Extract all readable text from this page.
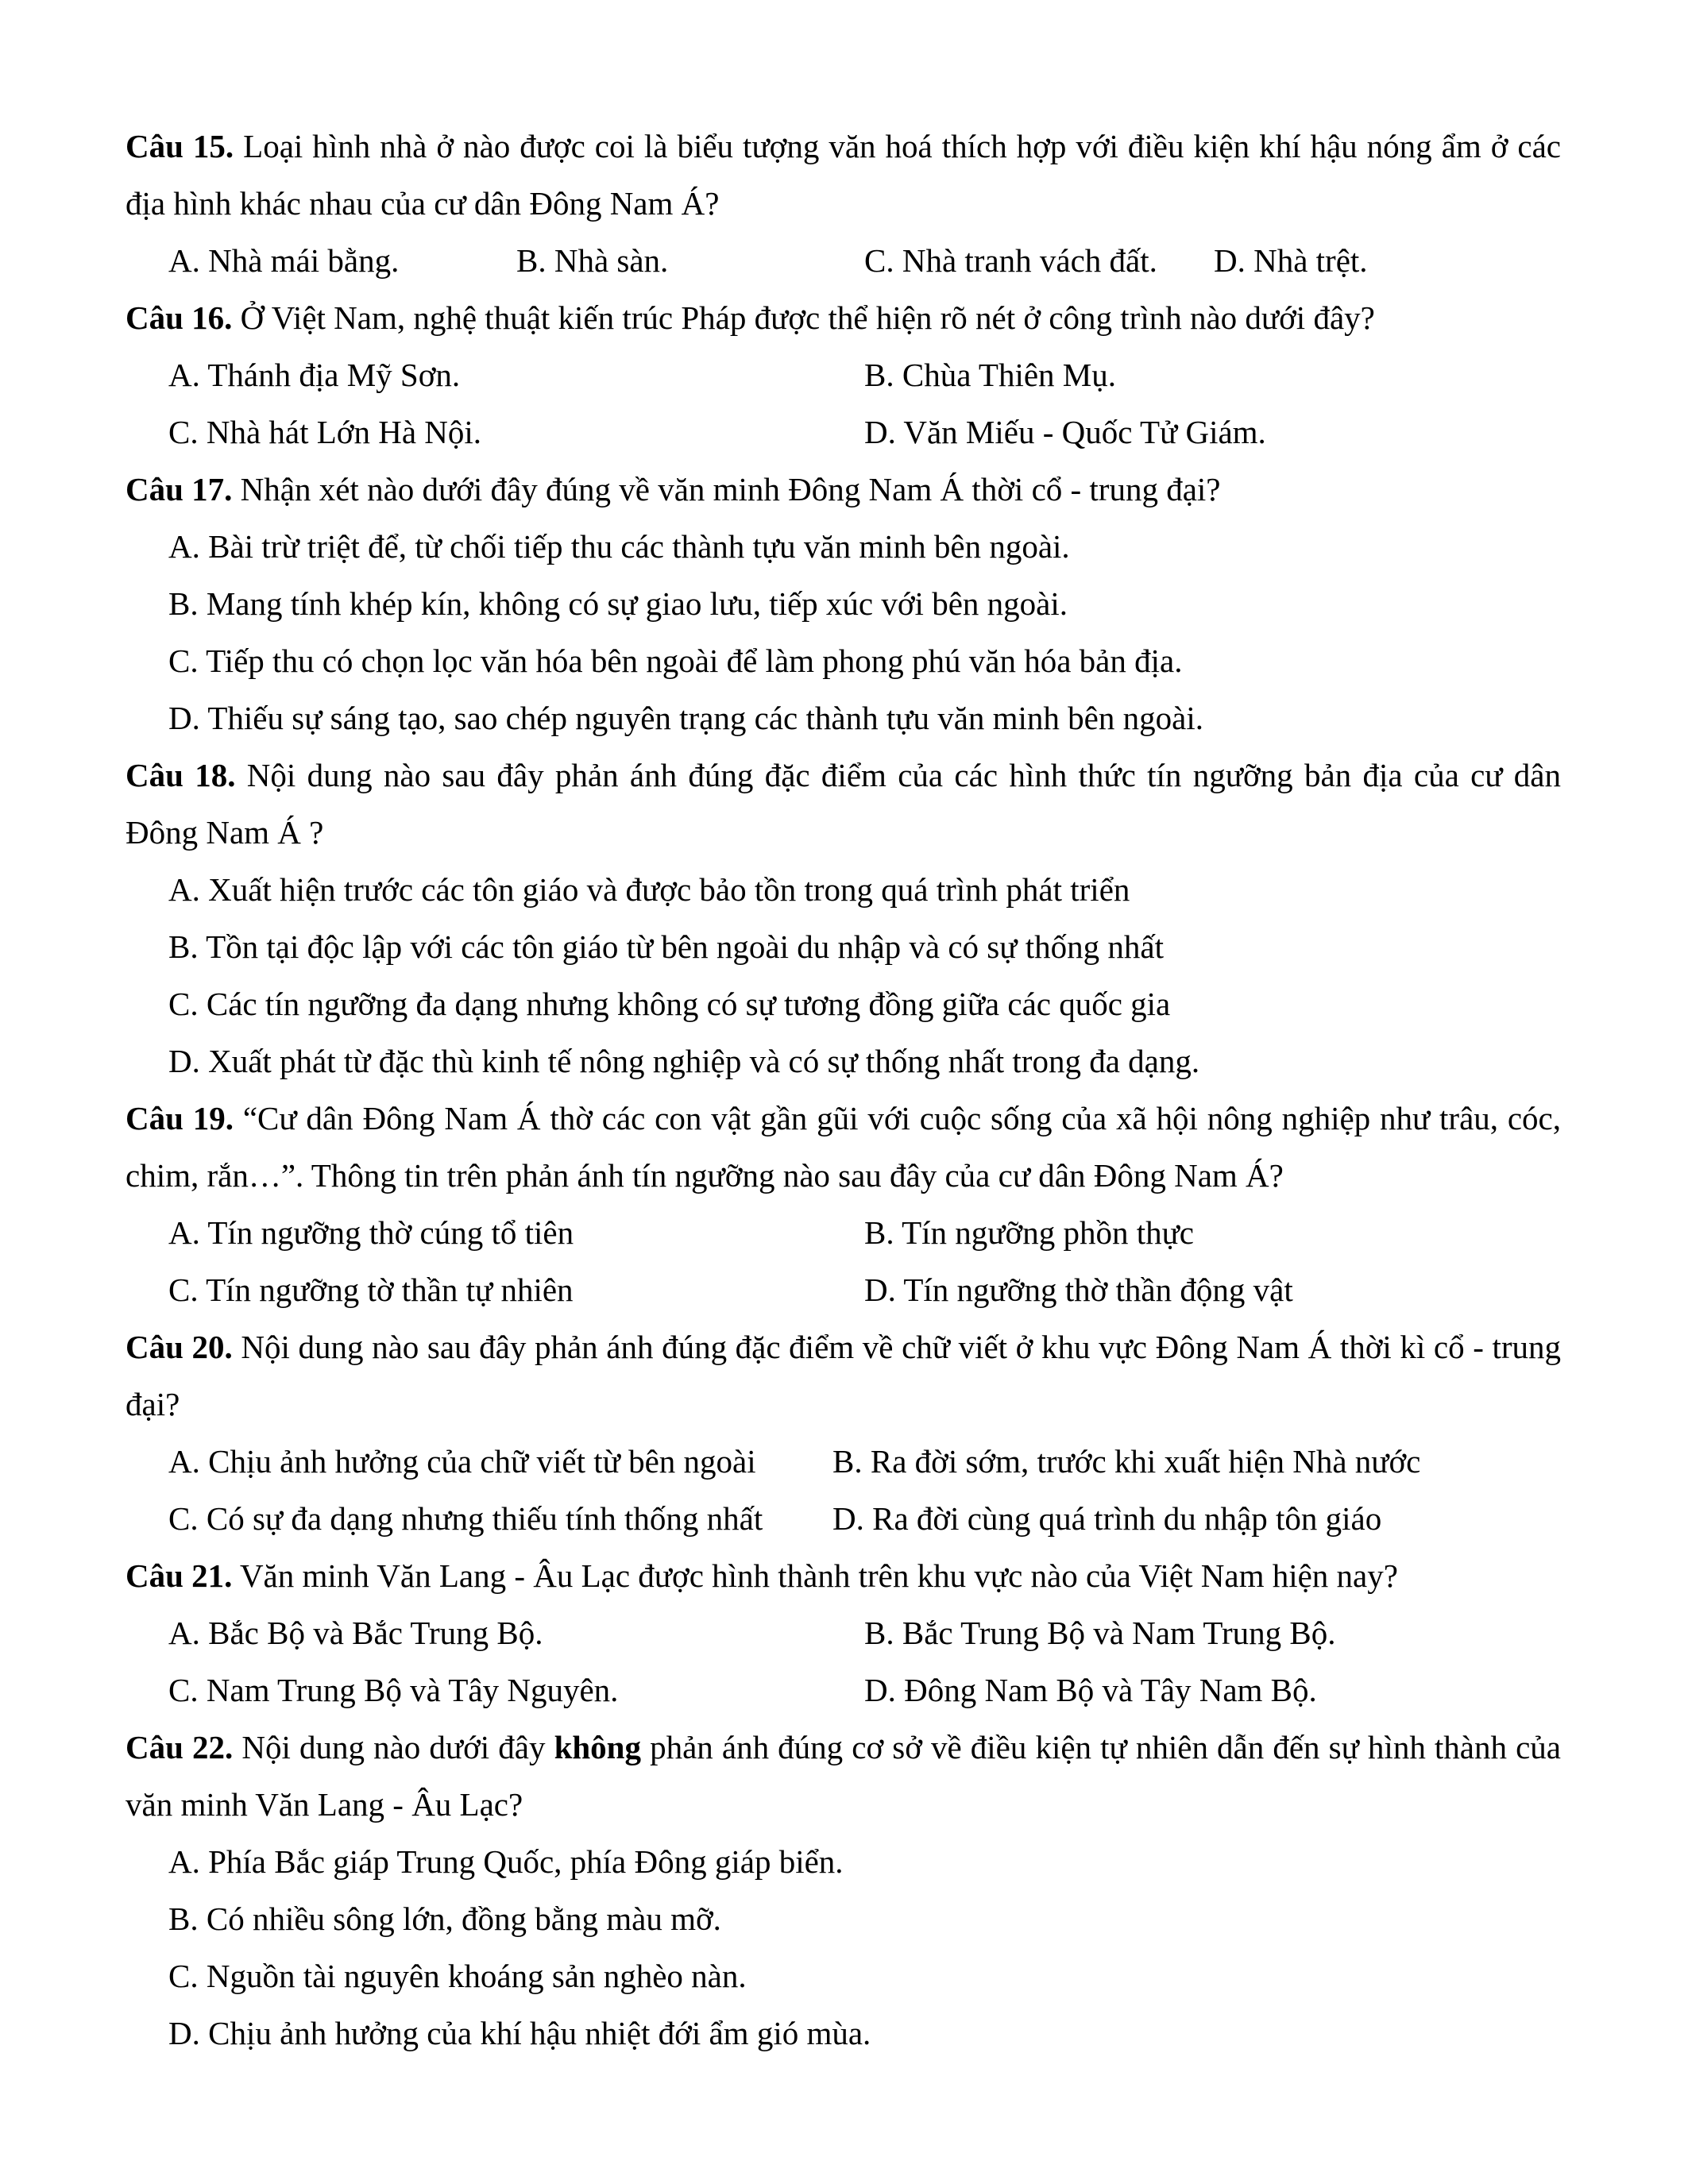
Câu 15. Loại hình nhà ở nào được coi là biểu tượng văn hoá thích hợp với điều kiện khí hậu nóng ẩm ở các địa hình khác nhau của cư dân Đông Nam Á?

A. Nhà mái bằng.	B. Nhà sàn.	C. Nhà tranh vách đất.	D. Nhà trệt.

Câu 16. Ở Việt Nam, nghệ thuật kiến trúc Pháp được thể hiện rõ nét ở công trình nào dưới đây?

A. Thánh địa Mỹ Sơn.	B. Chùa Thiên Mụ.
C. Nhà hát Lớn Hà Nội.	D. Văn Miếu - Quốc Tử Giám.

Câu 17. Nhận xét nào dưới đây đúng về văn minh Đông Nam Á thời cổ - trung đại?

A. Bài trừ triệt để, từ chối tiếp thu các thành tựu văn minh bên ngoài.
B. Mang tính khép kín, không có sự giao lưu, tiếp xúc với bên ngoài.
C. Tiếp thu có chọn lọc văn hóa bên ngoài để làm phong phú văn hóa bản địa.
D. Thiếu sự sáng tạo, sao chép nguyên trạng các thành tựu văn minh bên ngoài.

Câu 18. Nội dung nào sau đây phản ánh đúng đặc điểm của các hình thức tín ngưỡng bản địa của cư dân Đông Nam Á ?

A. Xuất hiện trước các tôn giáo và được bảo tồn trong quá trình phát triển
B. Tồn tại độc lập với các tôn giáo từ bên ngoài du nhập và có sự thống nhất
C. Các tín ngưỡng đa dạng nhưng không có sự tương đồng giữa các quốc gia
D. Xuất phát từ đặc thù kinh tế nông nghiệp và có sự thống nhất trong đa dạng.

Câu 19. “Cư dân Đông Nam Á thờ các con vật gần gũi với cuộc sống của xã hội nông nghiệp như trâu, cóc, chim, rắn…”. Thông tin trên phản ánh tín ngưỡng nào sau đây của cư dân Đông Nam Á?

A. Tín ngưỡng thờ cúng tổ tiên	B. Tín ngưỡng phồn thực
C. Tín ngưỡng tờ thần tự nhiên	D. Tín ngưỡng thờ thần động vật

Câu 20. Nội dung nào sau đây phản ánh đúng đặc điểm về chữ viết ở khu vực Đông Nam Á thời kì cổ - trung đại?

A. Chịu ảnh hưởng của chữ viết từ bên ngoài	B. Ra đời sớm, trước khi xuất hiện Nhà nước
C. Có sự đa dạng nhưng thiếu tính thống nhất	D. Ra đời cùng quá trình du nhập tôn giáo

Câu 21. Văn minh Văn Lang - Âu Lạc được hình thành trên khu vực nào của Việt Nam hiện nay?

A. Bắc Bộ và Bắc Trung Bộ.	B. Bắc Trung Bộ và Nam Trung Bộ.
C. Nam Trung Bộ và Tây Nguyên.	D. Đông Nam Bộ và Tây Nam Bộ.

Câu 22. Nội dung nào dưới đây không phản ánh đúng cơ sở về điều kiện tự nhiên dẫn đến sự hình thành của văn minh Văn Lang - Âu Lạc?

A. Phía Bắc giáp Trung Quốc, phía Đông giáp biển.
B. Có nhiều sông lớn, đồng bằng màu mỡ.
C. Nguồn tài nguyên khoáng sản nghèo nàn.
D. Chịu ảnh hưởng của khí hậu nhiệt đới ẩm gió mùa.
